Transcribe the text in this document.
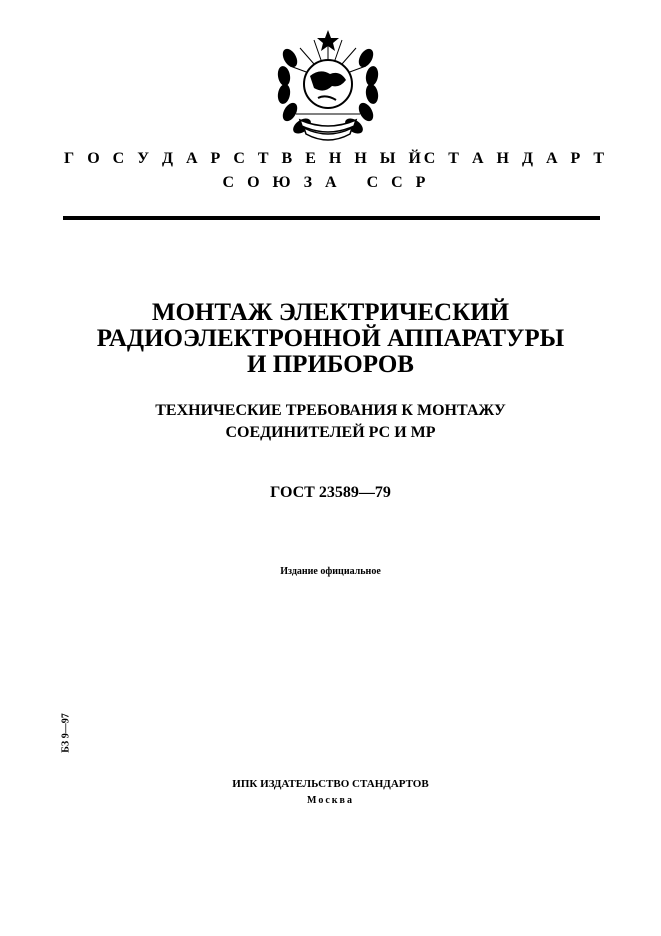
Г О С У Д А Р С Т В Е Н Н Ы Й С Т А Н Д А Р Т
СОЮЗА ССР
МОНТАЖ ЭЛЕКТРИЧЕСКИЙ
РАДИОЭЛЕКТРОННОЙ АППАРАТУРЫ
И ПРИБОРОВ
ТЕХНИЧЕСКИЕ ТРЕБОВАНИЯ К МОНТАЖУ
СОЕДИНИТЕЛЕЙ РС И МР
ГОСТ 23589—79
Издание официальное
БЗ 9—97
ИПК ИЗДАТЕЛЬСТВО СТАНДАРТОВ
Москва
